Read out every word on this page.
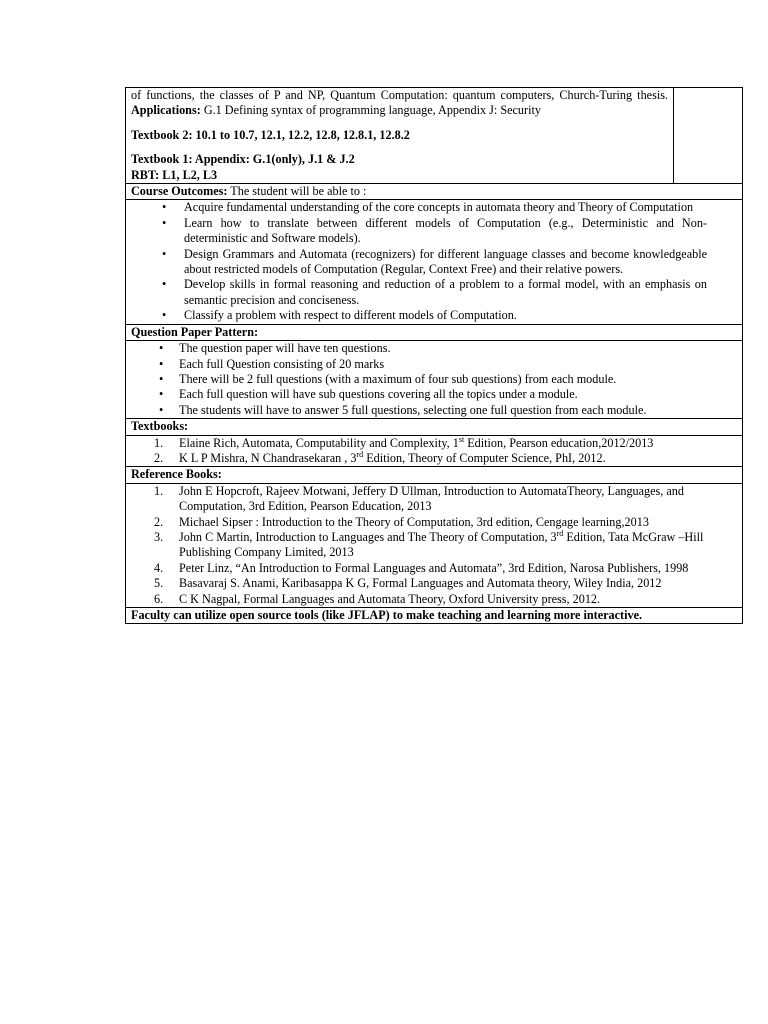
of functions, the classes of P and NP, Quantum Computation: quantum computers, Church-Turing thesis. Applications: G.1 Defining syntax of programming language, Appendix J: Security
Textbook 2: 10.1 to 10.7, 12.1, 12.2, 12.8, 12.8.1, 12.8.2
Textbook 1: Appendix: G.1(only), J.1 & J.2
RBT: L1, L2, L3

Course Outcomes: The student will be able to :

• Acquire fundamental understanding of the core concepts in automata theory and Theory of Computation
• Learn how to translate between different models of Computation (e.g., Deterministic and Non-deterministic and Software models).
• Design Grammars and Automata (recognizers) for different language classes and become knowledgeable about restricted models of Computation (Regular, Context Free) and their relative powers.
• Develop skills in formal reasoning and reduction of a problem to a formal model, with an emphasis on semantic precision and conciseness.
• Classify a problem with respect to different models of Computation.

Question Paper Pattern:

• The question paper will have ten questions.
• Each full Question consisting of 20 marks
• There will be 2 full questions (with a maximum of four sub questions) from each module.
• Each full question will have sub questions covering all the topics under a module.
• The students will have to answer 5 full questions, selecting one full question from each module.

Textbooks:

1. Elaine Rich, Automata, Computability and Complexity, 1st Edition, Pearson education,2012/2013
2. K L P Mishra, N Chandrasekaran , 3rd Edition, Theory of Computer Science, PhI, 2012.

Reference Books:

1. John E Hopcroft, Rajeev Motwani, Jeffery D Ullman, Introduction to AutomataTheory, Languages, and Computation, 3rd Edition, Pearson Education, 2013
2. Michael Sipser : Introduction to the Theory of Computation, 3rd edition, Cengage learning,2013
3. John C Martin, Introduction to Languages and The Theory of Computation, 3rd Edition, Tata McGraw –Hill Publishing Company Limited, 2013
4. Peter Linz, “An Introduction to Formal Languages and Automata”, 3rd Edition, Narosa Publishers, 1998
5. Basavaraj S. Anami, Karibasappa K G, Formal Languages and Automata theory, Wiley India, 2012
6. C K Nagpal, Formal Languages and Automata Theory, Oxford University press, 2012.

Faculty can utilize open source tools (like JFLAP) to make teaching and learning more interactive.
